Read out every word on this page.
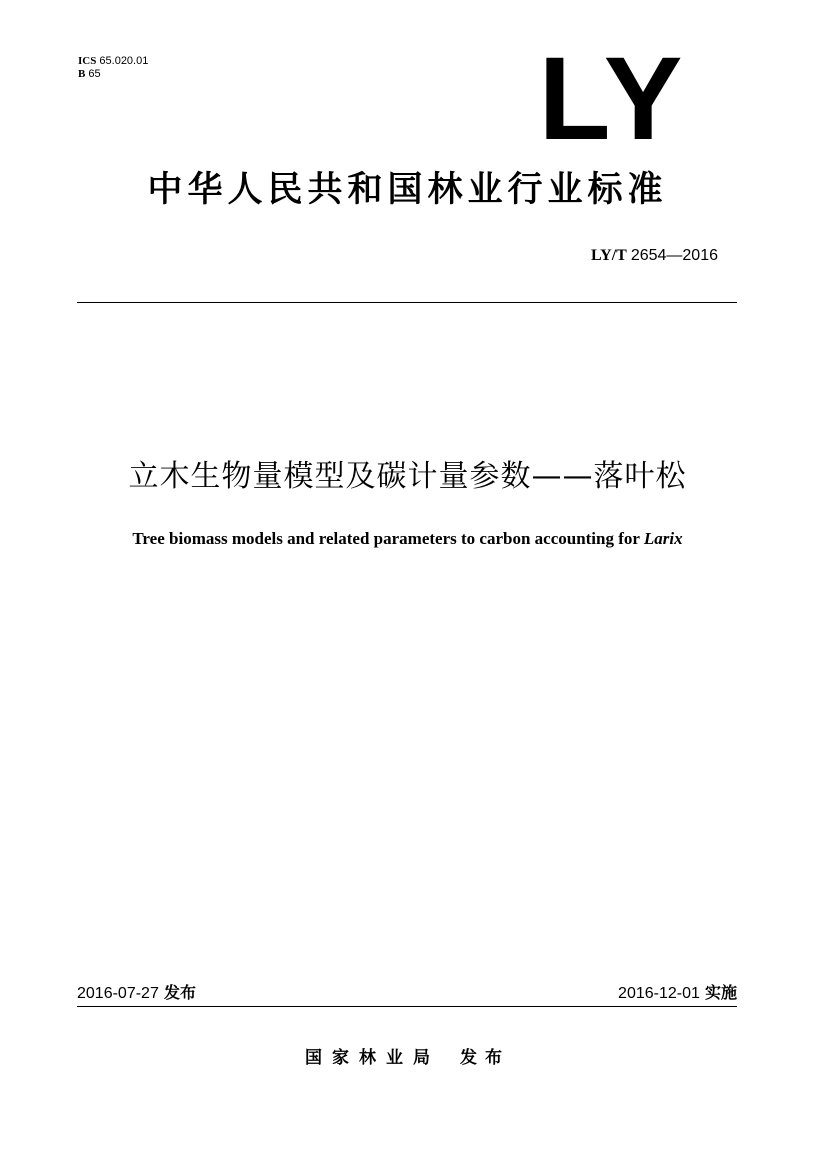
ICS 65.020.01
B 65	LY
中华人民共和国林业行业标准
LY/T 2654—2016
立木生物量模型及碳计量参数——落叶松
Tree biomass models and related parameters to carbon accounting for Larix
2016-07-27 发布	2016-12-01 实施
国家林业局 发布
